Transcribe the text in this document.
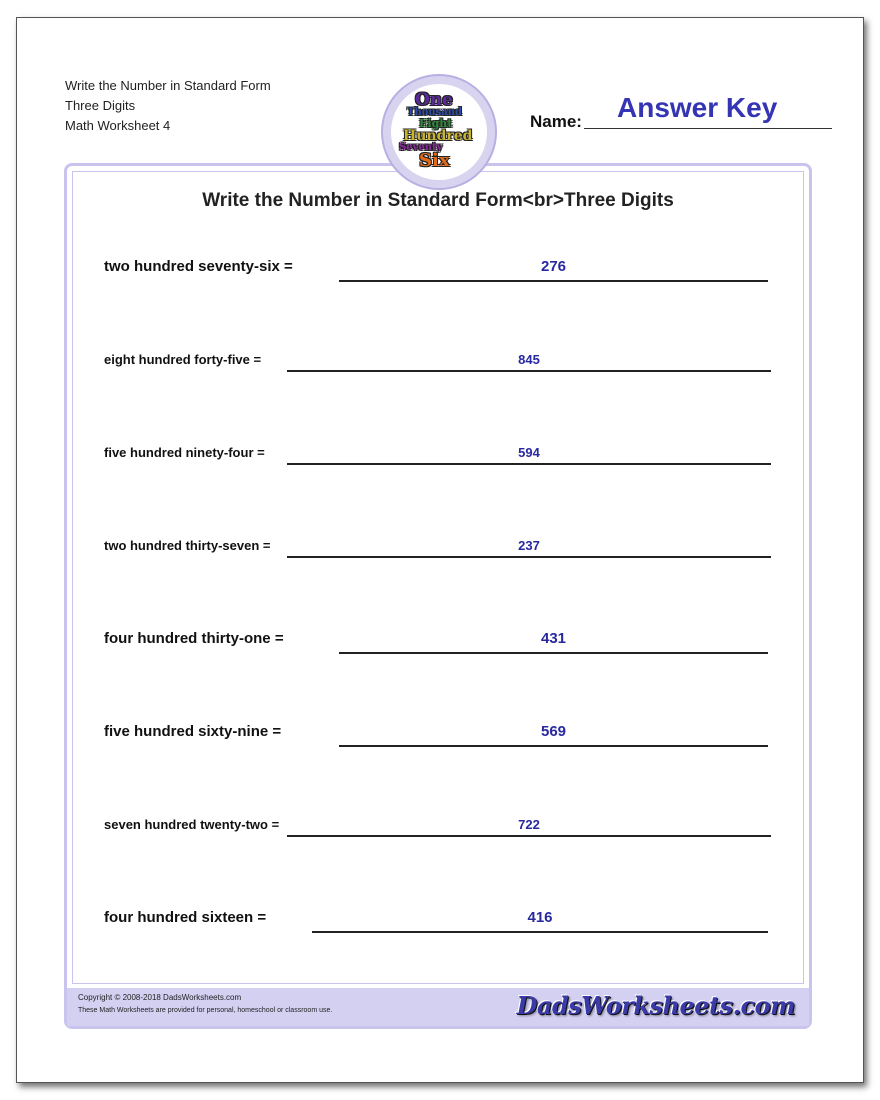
Write the Number in Standard Form
Three Digits
Math Worksheet 4	Name: Answer Key
Write the Number in Standard Form<br>Three Digits
two hundred seventy-six =	276
eight hundred forty-five =	845
five hundred ninety-four =	594
two hundred thirty-seven =	237
four hundred thirty-one =	431
five hundred sixty-nine =	569
seven hundred twenty-two =	722
four hundred sixteen =	416
Copyright © 2008-2018 DadsWorksheets.com
These Math Worksheets are provided for personal, homeschool or classroom use.	DadsWorksheets.com
One
Thousand
Eight
Hundred
Seventy
Six
